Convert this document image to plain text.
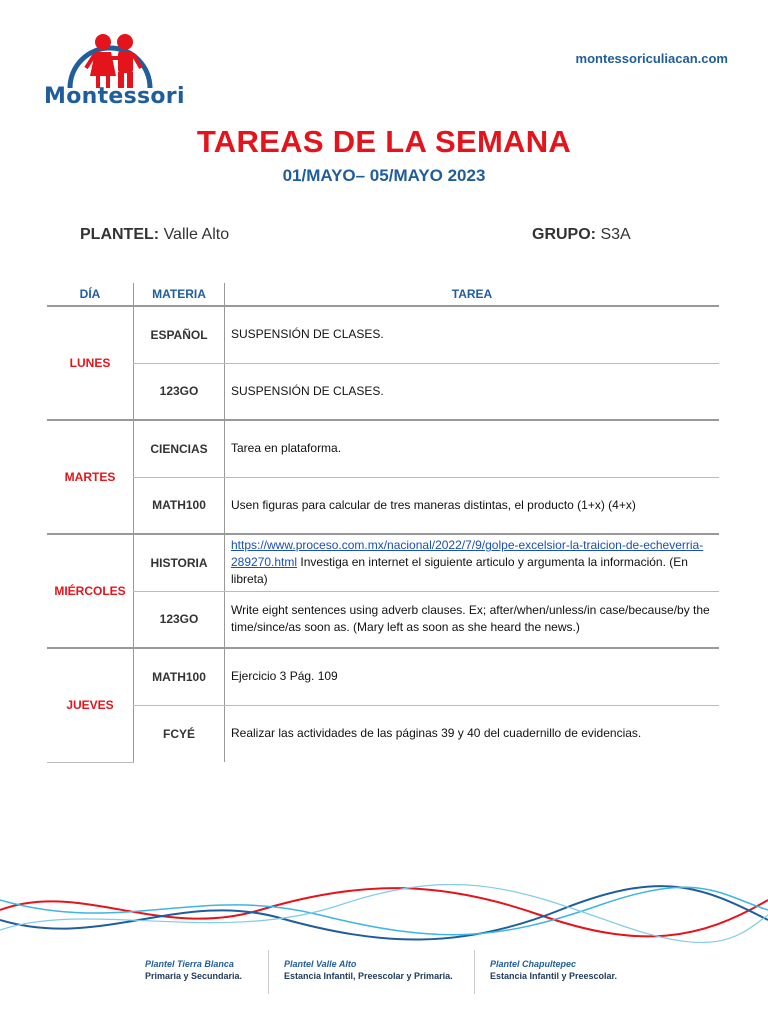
Montessori
montessoriculiacan.com
TAREAS DE LA SEMANA
01/MAYO– 05/MAYO 2023
PLANTEL: Valle Alto	GRUPO: S3A
DÍA	MATERIA	TAREA
LUNES	ESPAÑOL	SUSPENSIÓN DE CLASES.
	123GO	SUSPENSIÓN DE CLASES.
MARTES	CIENCIAS	Tarea en plataforma.
	MATH100	Usen figuras para calcular de tres maneras distintas, el producto (1+x) (4+x)
MIÉRCOLES	HISTORIA	https://www.proceso.com.mx/nacional/2022/7/9/golpe-excelsior-la-traicion-de-echeverria-289270.html Investiga en internet el siguiente articulo y argumenta la información. (En libreta)
	123GO	Write eight sentences using adverb clauses. Ex; after/when/unless/in case/because/by the time/since/as soon as. (Mary left as soon as she heard the news.)
JUEVES	MATH100	Ejercicio 3 Pág. 109
	FCYÉ	Realizar las actividades de las páginas 39 y 40 del cuadernillo de evidencias.
Plantel Tierra Blanca
Primaria y Secundaria.
Plantel Valle Alto
Estancia Infantil, Preescolar y Primaria.
Plantel Chapultepec
Estancia Infantil y Preescolar.
